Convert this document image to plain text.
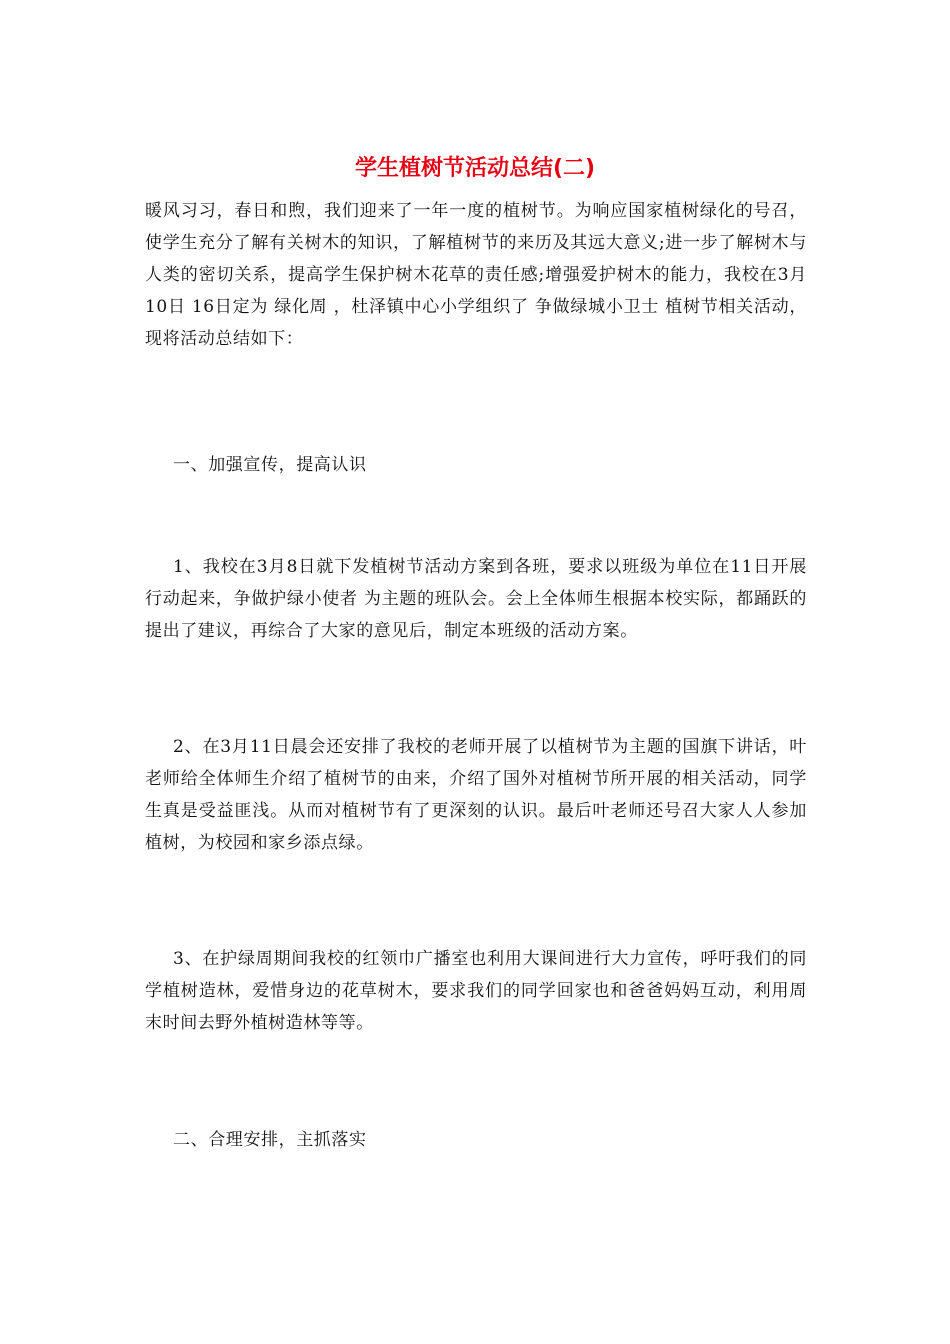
学生植树节活动总结(二)

暖风习习，春日和煦，我们迎来了一年一度的植树节。为响应国家植树绿化的号召，使学生充分了解有关树木的知识，了解植树节的来历及其远大意义;进一步了解树木与人类的密切关系，提高学生保护树木花草的责任感;增强爱护树木的能力，我校在3月10日 16日定为 绿化周 ，杜泽镇中心小学组织了 争做绿城小卫士 植树节相关活动，现将活动总结如下：

一、加强宣传，提高认识

1、我校在3月8日就下发植树节活动方案到各班，要求以班级为单位在11日开展 行动起来，争做护绿小使者 为主题的班队会。会上全体师生根据本校实际，都踊跃的提出了建议，再综合了大家的意见后，制定本班级的活动方案。

2、在3月11日晨会还安排了我校的老师开展了以植树节为主题的国旗下讲话，叶老师给全体师生介绍了植树节的由来，介绍了国外对植树节所开展的相关活动，同学生真是受益匪浅。从而对植树节有了更深刻的认识。最后叶老师还号召大家人人参加植树，为校园和家乡添点绿。

3、在护绿周期间我校的红领巾广播室也利用大课间进行大力宣传，呼吁我们的同学植树造林，爱惜身边的花草树木，要求我们的同学回家也和爸爸妈妈互动，利用周末时间去野外植树造林等等。

二、合理安排，主抓落实
